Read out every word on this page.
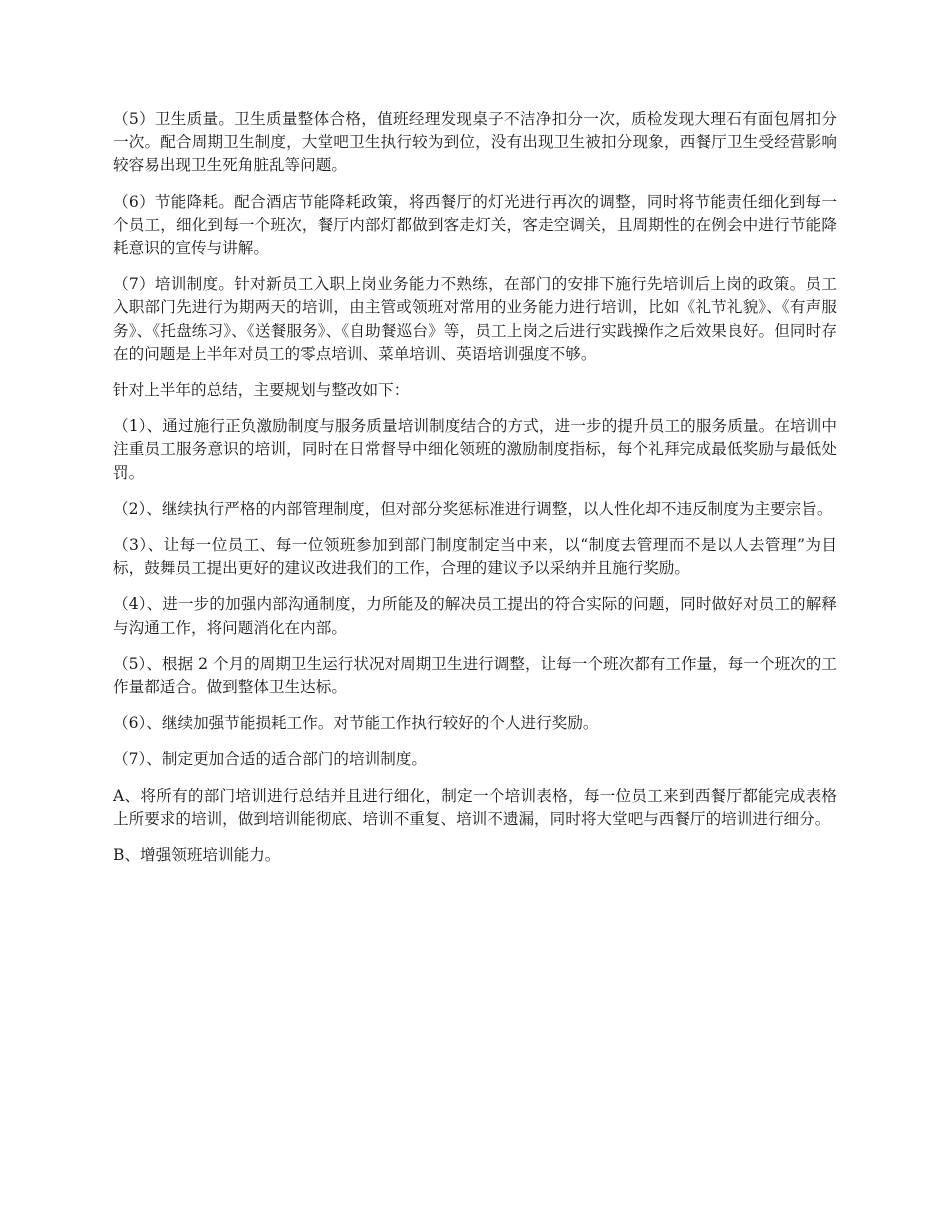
（5）卫生质量。卫生质量整体合格，值班经理发现桌子不洁净扣分一次，质检发现大理石有面包屑扣分一次。配合周期卫生制度，大堂吧卫生执行较为到位，没有出现卫生被扣分现象，西餐厅卫生受经营影响较容易出现卫生死角脏乱等问题。

（6）节能降耗。配合酒店节能降耗政策，将西餐厅的灯光进行再次的调整，同时将节能责任细化到每一个员工，细化到每一个班次，餐厅内部灯都做到客走灯关，客走空调关，且周期性的在例会中进行节能降耗意识的宣传与讲解。

（7）培训制度。针对新员工入职上岗业务能力不熟练，在部门的安排下施行先培训后上岗的政策。员工入职部门先进行为期两天的培训，由主管或领班对常用的业务能力进行培训，比如《礼节礼貌》、《有声服务》、《托盘练习》、《送餐服务》、《自助餐巡台》等，员工上岗之后进行实践操作之后效果良好。但同时存在的问题是上半年对员工的零点培训、菜单培训、英语培训强度不够。

针对上半年的总结，主要规划与整改如下：

（1）、通过施行正负激励制度与服务质量培训制度结合的方式，进一步的提升员工的服务质量。在培训中注重员工服务意识的培训，同时在日常督导中细化领班的激励制度指标，每个礼拜完成最低奖励与最低处罚。

（2）、继续执行严格的内部管理制度，但对部分奖惩标准进行调整，以人性化却不违反制度为主要宗旨。

（3）、让每一位员工、每一位领班参加到部门制度制定当中来，以“制度去管理而不是以人去管理”为目标，鼓舞员工提出更好的建议改进我们的工作，合理的建议予以采纳并且施行奖励。

（4）、进一步的加强内部沟通制度，力所能及的解决员工提出的符合实际的问题，同时做好对员工的解释与沟通工作，将问题消化在内部。

（5）、根据 2 个月的周期卫生运行状况对周期卫生进行调整，让每一个班次都有工作量，每一个班次的工作量都适合。做到整体卫生达标。

（6）、继续加强节能损耗工作。对节能工作执行较好的个人进行奖励。

（7）、制定更加合适的适合部门的培训制度。

A、将所有的部门培训进行总结并且进行细化，制定一个培训表格，每一位员工来到西餐厅都能完成表格上所要求的培训，做到培训能彻底、培训不重复、培训不遗漏，同时将大堂吧与西餐厅的培训进行细分。

B、增强领班培训能力。
